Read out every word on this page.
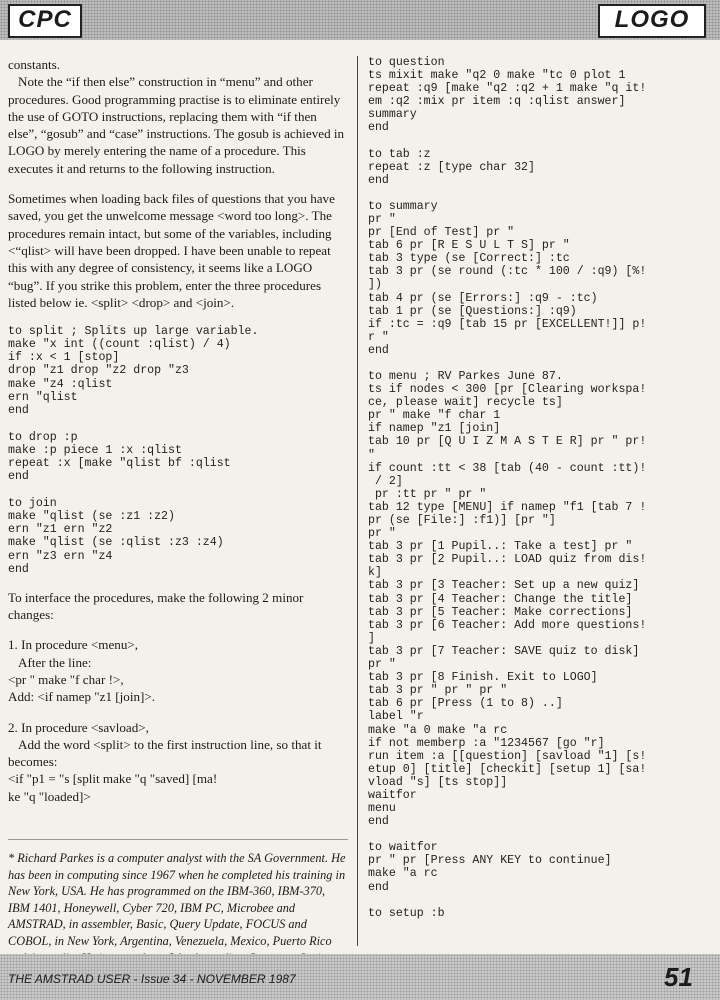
CPC	LOGO

constants.

Note the “if then else” construction in “menu” and other procedures. Good programming practise is to eliminate entirely the use of GOTO instructions, replacing them with “if then else”, “gosub” and “case” instructions. The gosub is achieved in LOGO by merely entering the name of a procedure. This executes it and returns to the following instruction.

Sometimes when loading back files of questions that you have saved, you get the unwelcome message <word too long>. The procedures remain intact, but some of the variables, including <“qlist> will have been dropped. I have been unable to repeat this with any degree of consistency, it seems like a LOGO “bug”. If you strike this problem, enter the three procedures listed below ie. <split> <drop> and <join>.

to split ; Splits up large variable.
make "x int ((count :qlist) / 4)
if :x < 1 [stop]
drop "z1 drop "z2 drop "z3
make "z4 :qlist
ern "qlist
end
to drop :p
make :p piece 1 :x :qlist
repeat :x [make "qlist bf :qlist
end
to join
make "qlist (se :z1 :z2)
ern "z1 ern "z2
make "qlist (se :qlist :z3 :z4)
ern "z3 ern "z4
end

To interface the procedures, make the following 2 minor changes:

1. In procedure <menu>,

After the line:

<pr " make "f char !>,

Add: <if namep "z1 [join]>.

2. In procedure <savload>,

Add the word <split> to the first instruction line, so that it becomes:

<if "p1 = "s [split make "q "saved] [ma!

ke "q "loaded]>

* Richard Parkes is a computer analyst with the SA Government. He has been in computing since 1967 when he completed his training in New York, USA. He has programmed on the IBM-360, IBM-370, IBM 1401, Honeywell, Cyber 720, IBM PC, Microbee and AMSTRAD, in assembler, Basic, Query Update, FOCUS and COBOL, in New York, Argentina, Venezuela, Mexico, Puerto Rico

to question
ts mixit make "q2 0 make "tc 0 plot 1
repeat :q9 [make "q2 :q2 + 1 make "q it!
em :q2 :mix pr item :q :qlist answer]
summary
end
to tab :z
repeat :z [type char 32]
end
to summary
pr "
pr [End of Test] pr "
tab 6 pr [R E S U L T S] pr "
tab 3 type (se [Correct:] :tc
tab 3 pr (se round (:tc * 100 / :q9) [%!
])
tab 4 pr (se [Errors:] :q9 - :tc)
tab 1 pr (se [Questions:] :q9)
if :tc = :q9 [tab 15 pr [EXCELLENT!]] p!
r "
end
to menu ; RV Parkes June 87.
ts if nodes < 300 [pr [Clearing workspa!
ce, please wait] recycle ts]
pr " make "f char 1
if namep "z1 [join]
tab 10 pr [Q U I Z M A S T E R] pr " pr!
"
if count :tt < 38 [tab (40 - count :tt)!
/ 2]
pr :tt pr " pr "
tab 12 type [MENU] if namep "f1 [tab 7 !
pr (se [File:] :f1)] [pr "]
pr "
tab 3 pr [1 Pupil..: Take a test] pr "
tab 3 pr [2 Pupil..: LOAD quiz from dis!
k]
tab 3 pr [3 Teacher: Set up a new quiz]
tab 3 pr [4 Teacher: Change the title]
tab 3 pr [5 Teacher: Make corrections]
tab 3 pr [6 Teacher: Add more questions!
]
tab 3 pr [7 Teacher: SAVE quiz to disk]
pr "
tab 3 pr [8 Finish. Exit to LOGO]
tab 3 pr " pr " pr "
tab 6 pr [Press (1 to 8) ..]
label "r
make "a 0 make "a rc
if not memberp :a "1234567 [go "r]
run item :a [[question] [savload "1] [s!
etup 0] [title] [checkit] [setup 1] [sa!
vload "s] [ts stop]]
waitfor
menu
end
to waitfor
pr " pr [Press ANY KEY to continue]
make "a rc
end
to setup :b
THE AMSTRAD USER - Issue 34 - NOVEMBER 1987	51
